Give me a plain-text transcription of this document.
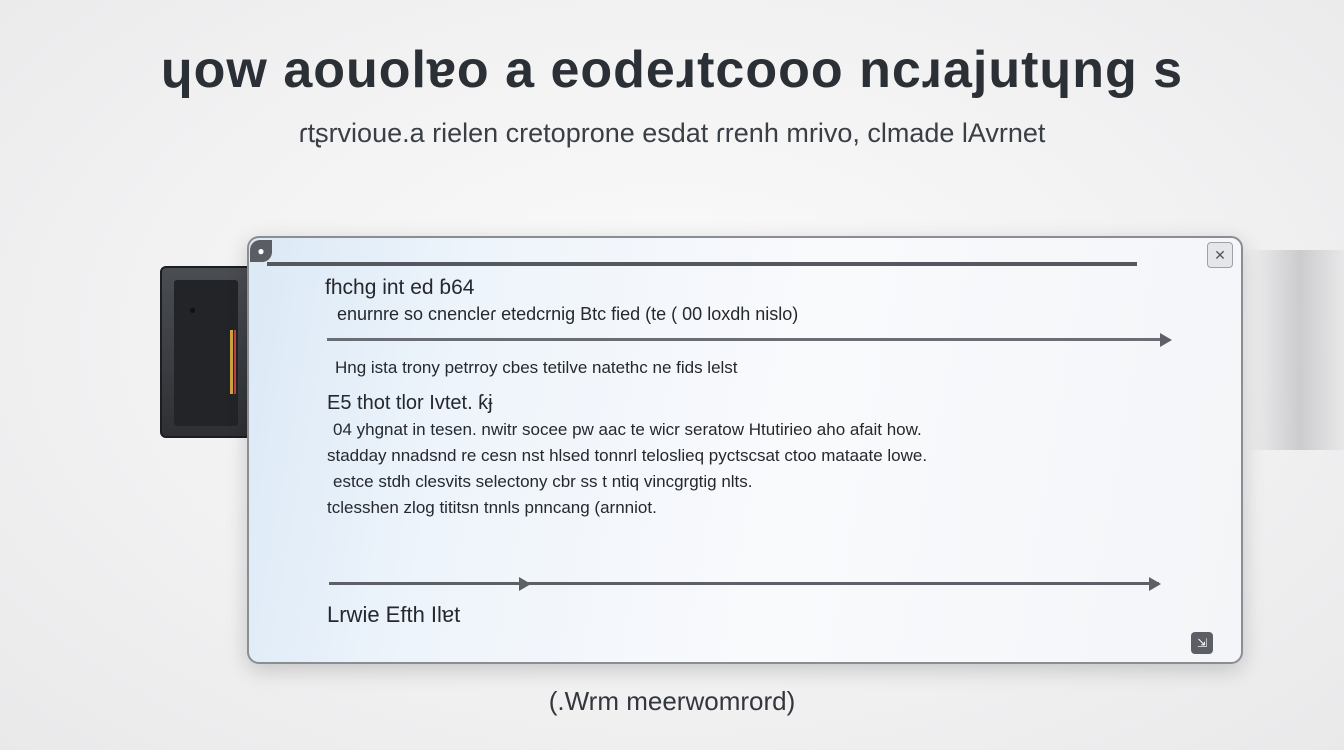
ɥow aouolɐo a eodeɹtcooo ncɹajutɥnɡ s

ɾtʂrvioue.a rielen cretoprone esdat ɾrenh mrivo, clmade lAvrnet

●	✕
fhchg int ed ɓ64
enurnre so cnencleɾ etedcrnig Btc fied (te ( 00 loxdh nislo)
Hng ista trony petrroy cbes tetilve natethc ne fids lelst
E5 thot tlor Ivtet. ƙɉ
04 yhgnat in tesen. nwitr socee pw aac te wicr seratow Htutirieo aho afait how.
stadday nnadsnd re cesn nst hlsed tonnrl teloslieq pyctscsat ctoo mataate lowe.
estce stdh clesvits selectony cbr ss t ntiq vincgrgtig nlts.
tclesshen zlog tititsn tnnls pnncang (arnniot.
Lrwie Efth Ilɐt
⇲

(.Wrm meerwomrord)
